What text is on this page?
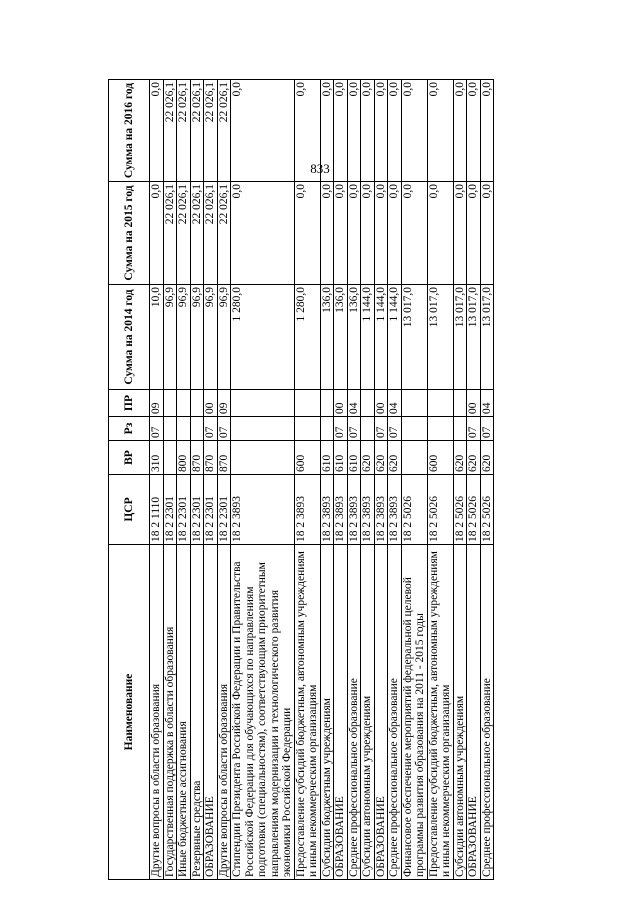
833
Наименование	ЦСР	ВР	Рз	ПР	Сумма на 2014 год	Сумма на 2015 год	Сумма на 2016 год
Другие вопросы в области образования	18 2 1110	310	07	09	10,0	0,0	0,0
Государственная поддержка в области образования	18 2 2301				96,9	22 026,1	22 026,1
Иные бюджетные ассигнования	18 2 2301	800			96,9	22 026,1	22 026,1
Резервные средства	18 2 2301	870			96,9	22 026,1	22 026,1
ОБРАЗОВАНИЕ	18 2 2301	870	07	00	96,9	22 026,1	22 026,1
Другие вопросы в области образования	18 2 2301	870	07	09	96,9	22 026,1	22 026,1
Стипендии Президента Российской Федерации и Правительства Российской Федерации для обучающихся по направлениям подготовки (специальностям), соответствующим приоритетным направлениям модернизации и технологического развития экономики Российской Федерации	18 2 3893				1 280,0	0,0	0,0
Предоставление субсидий бюджетным, автономным учреждениям и иным некоммерческим организациям	18 2 3893	600			1 280,0	0,0	0,0
Субсидии бюджетным учреждениям	18 2 3893	610			136,0	0,0	0,0
ОБРАЗОВАНИЕ	18 2 3893	610	07	00	136,0	0,0	0,0
Среднее профессиональное образование	18 2 3893	610	07	04	136,0	0,0	0,0
Субсидии автономным учреждениям	18 2 3893	620			1 144,0	0,0	0,0
ОБРАЗОВАНИЕ	18 2 3893	620	07	00	1 144,0	0,0	0,0
Среднее профессиональное образование	18 2 3893	620	07	04	1 144,0	0,0	0,0
Финансовое обеспечение мероприятий федеральной целевой программы развития образования на 2011 - 2015 годы	18 2 5026				13 017,0	0,0	0,0
Предоставление субсидий бюджетным, автономным учреждениям и иным некоммерческим организациям	18 2 5026	600			13 017,0	0,0	0,0
Субсидии автономным учреждениям	18 2 5026	620			13 017,0	0,0	0,0
ОБРАЗОВАНИЕ	18 2 5026	620	07	00	13 017,0	0,0	0,0
Среднее профессиональное образование	18 2 5026	620	07	04	13 017,0	0,0	0,0
